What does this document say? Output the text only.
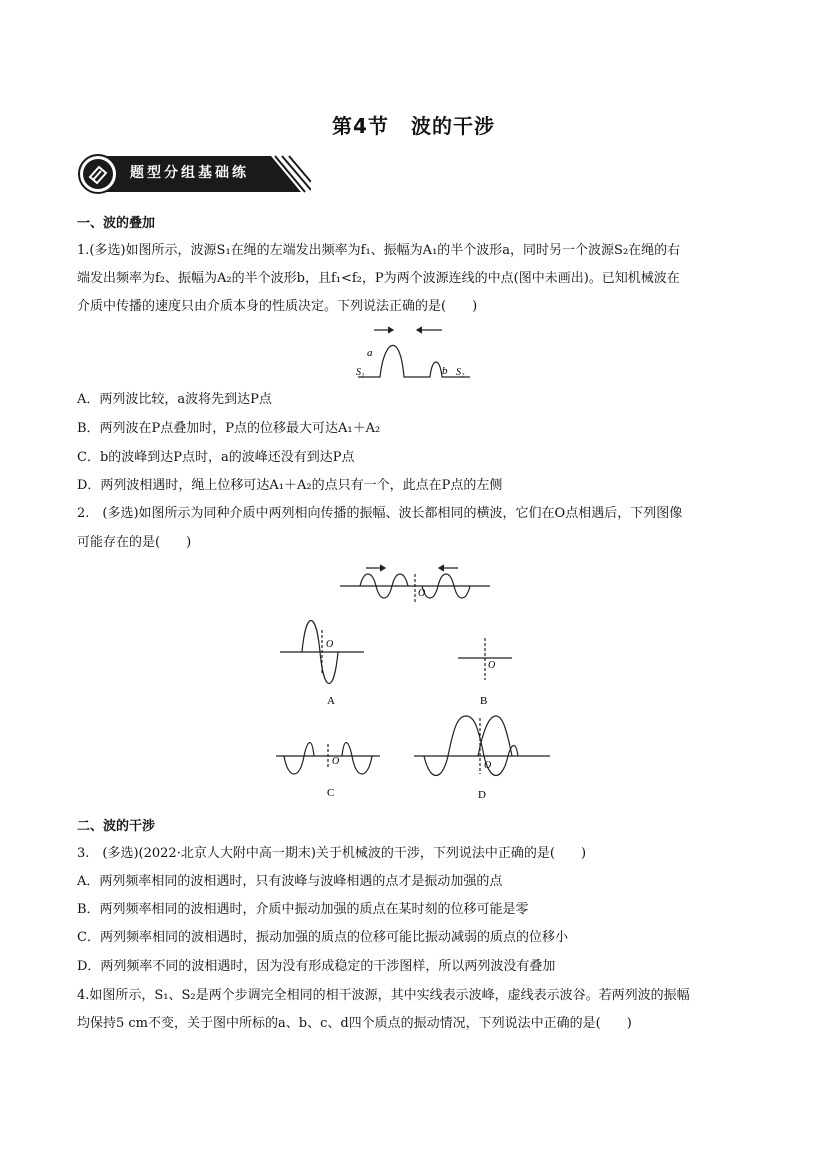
第4节 波的干涉
题型分组基础练
一、波的叠加
1.(多选)如图所示，波源S₁在绳的左端发出频率为f₁、振幅为A₁的半个波形a，同时另一个波源S₂在绳的右
端发出频率为f₂、振幅为A₂的半个波形b，且f₁<f₂，P为两个波源连线的中点(图中未画出)。已知机械波在
介质中传播的速度只由介质本身的性质决定。下列说法正确的是(　　)
a
b
S₁	S₂
A．两列波比较，a波将先到达P点
B．两列波在P点叠加时，P点的位移最大可达A₁＋A₂
C．b的波峰到达P点时，a的波峰还没有到达P点
D．两列波相遇时，绳上位移可达A₁＋A₂的点只有一个，此点在P点的左侧
2.　(多选)如图所示为同种介质中两列相向传播的振幅、波长都相同的横波，它们在O点相遇后，下列图像
可能存在的是(　　)
O
O
A
O
B
O
C
O
D
二、波的干涉
3.　(多选)(2022·北京人大附中高一期末)关于机械波的干涉，下列说法中正确的是(　　)
A．两列频率相同的波相遇时，只有波峰与波峰相遇的点才是振动加强的点
B．两列频率相同的波相遇时，介质中振动加强的质点在某时刻的位移可能是零
C．两列频率相同的波相遇时，振动加强的质点的位移可能比振动减弱的质点的位移小
D．两列频率不同的波相遇时，因为没有形成稳定的干涉图样，所以两列波没有叠加
4.如图所示，S₁、S₂是两个步调完全相同的相干波源，其中实线表示波峰，虚线表示波谷。若两列波的振幅
均保持5 cm不变，关于图中所标的a、b、c、d四个质点的振动情况，下列说法中正确的是(　　)
